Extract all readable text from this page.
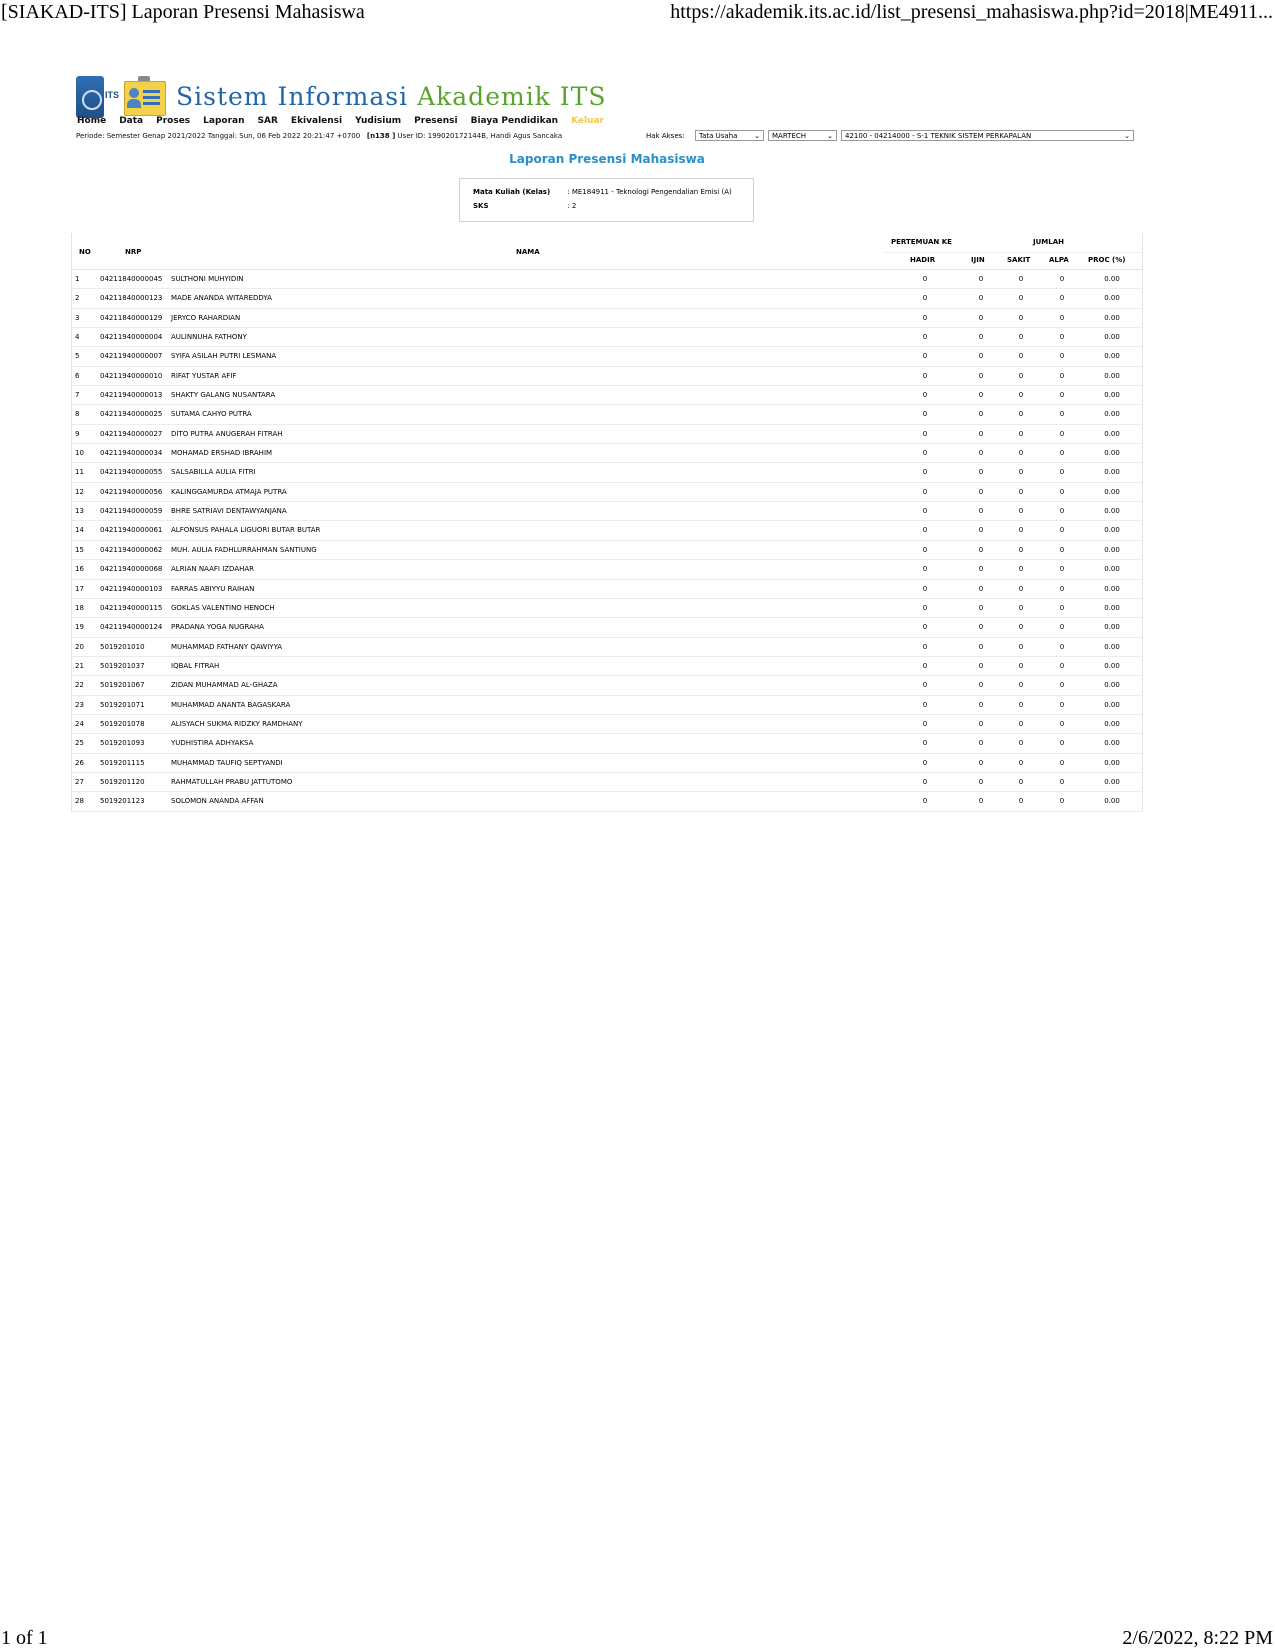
[SIAKAD-ITS] Laporan Presensi Mahasiswa	https://akademik.its.ac.id/list_presensi_mahasiswa.php?id=2018|ME4911...
ITS Sistem Informasi Akademik ITS
Home Data Proses Laporan SAR Ekivalensi Yudisium Presensi Biaya Pendidikan Keluar
Periode: Semester Genap 2021/2022 Tanggal: Sun, 06 Feb 2022 20:21:47 +0700 [n138 ] User ID: 199020172144B, Handi Agus Sancaka	Hak Akses:	Tata Usaha ⌄	MARTECH	⌄	42100 - 04214000 - S-1 TEKNIK SISTEM PERKAPALAN	⌄
Laporan Presensi Mahasiswa
Mata Kuliah (Kelas) : ME184911 - Teknologi Pengendalian Emisi (A)
SKS	: 2
NO	NRP	NAMA
PERTEMUAN KE	JUMLAH
HADIR	IJIN	SAKIT	ALPA	PROC (%)
1	04211840000045 SULTHONI MUHYIDIN	0	0	0	0	0.00
2	04211840000123 MADE ANANDA WITAREDDYA	0	0	0	0	0.00
3	04211840000129 JERYCO RAHARDIAN	0	0	0	0	0.00
4	04211940000004 AULINNUHA FATHONY	0	0	0	0	0.00
5	04211940000007 SYIFA ASILAH PUTRI LESMANA	0	0	0	0	0.00
6	04211940000010 RIFAT YUSTAR AFIF	0	0	0	0	0.00
7	04211940000013 SHAKTY GALANG NUSANTARA	0	0	0	0	0.00
8	04211940000025 SUTAMA CAHYO PUTRA	0	0	0	0	0.00
9	04211940000027 DITO PUTRA ANUGERAH FITRAH	0	0	0	0	0.00
10 04211940000034 MOHAMAD ERSHAD IBRAHIM	0	0	0	0	0.00
11 04211940000055 SALSABILLA AULIA FITRI	0	0	0	0	0.00
12 04211940000056 KALINGGAMURDA ATMAJA PUTRA	0	0	0	0	0.00
13 04211940000059 BHRE SATRIAVI DENTAWYANJANA	0	0	0	0	0.00
14 04211940000061 ALFONSUS PAHALA LIGUORI BUTAR BUTAR	0	0	0	0	0.00
15 04211940000062 MUH. AULIA FADHLURRAHMAN SANTIUNG	0	0	0	0	0.00
16 04211940000068 ALRIAN NAAFI IZDAHAR	0	0	0	0	0.00
17 04211940000103 FARRAS ABIYYU RAIHAN	0	0	0	0	0.00
18 04211940000115 GOKLAS VALENTINO HENOCH	0	0	0	0	0.00
19 04211940000124 PRADANA YOGA NUGRAHA	0	0	0	0	0.00
20 5019201010	MUHAMMAD FATHANY QAWIYYA	0	0	0	0	0.00
21 5019201037	IQBAL FITRAH	0	0	0	0	0.00
22 5019201067	ZIDAN MUHAMMAD AL-GHAZA	0	0	0	0	0.00
23 5019201071	MUHAMMAD ANANTA BAGASKARA	0	0	0	0	0.00
24 5019201078	ALISYACH SUKMA RIDZKY RAMDHANY	0	0	0	0	0.00
25 5019201093	YUDHISTIRA ADHYAKSA	0	0	0	0	0.00
26 5019201115	MUHAMMAD TAUFIQ SEPTYANDI	0	0	0	0	0.00
27 5019201120	RAHMATULLAH PRABU JATTUTOMO	0	0	0	0	0.00
28 5019201123	SOLOMON ANANDA AFFAN	0	0	0	0	0.00
1 of 1	2/6/2022, 8:22 PM
